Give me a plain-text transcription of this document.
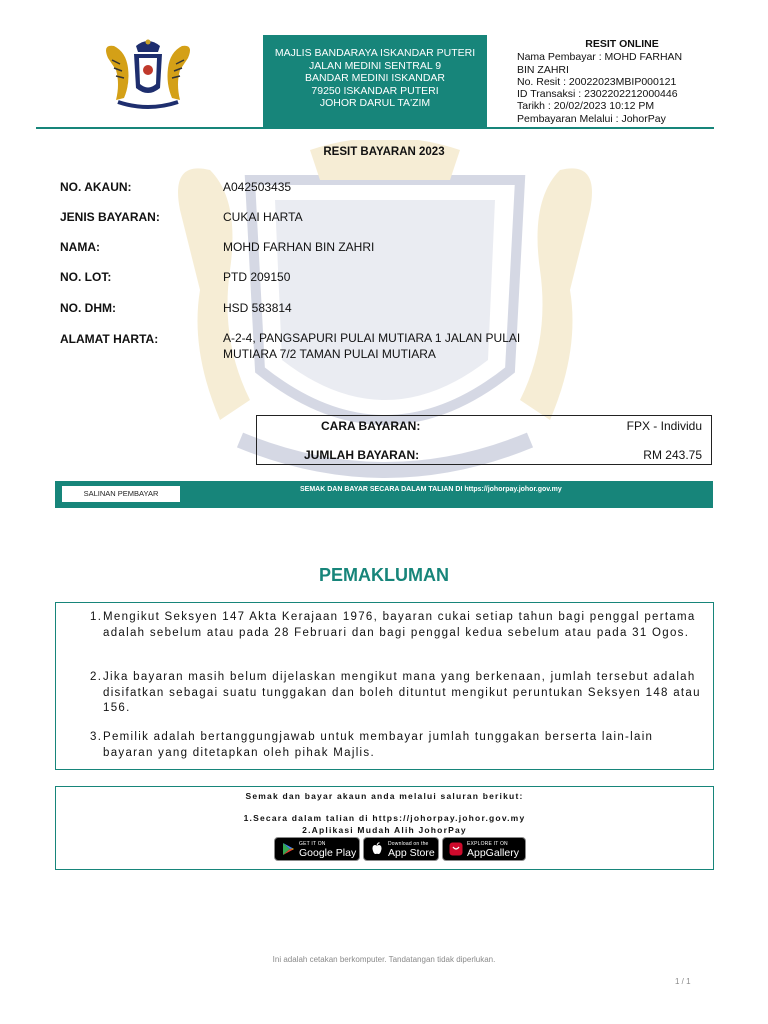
MAJLIS BANDARAYA ISKANDAR PUTERI
JALAN MEDINI SENTRAL 9
BANDAR MEDINI ISKANDAR
79250 ISKANDAR PUTERI
JOHOR DARUL TA'ZIM
RESIT ONLINE
Nama Pembayar : MOHD FARHAN
BIN ZAHRI
No. Resit : 20022023MBIP000121
ID Transaksi : 2302202212000446
Tarikh : 20/02/2023 10:12 PM
Pembayaran Melalui : JohorPay
RESIT BAYARAN 2023
NO. AKAUN:	A042503435
JENIS BAYARAN:	CUKAI HARTA
NAMA:	MOHD FARHAN BIN ZAHRI
NO. LOT:	PTD 209150
NO. DHM:	HSD 583814
ALAMAT HARTA:	A-2-4, PANGSAPURI PULAI MUTIARA 1 JALAN PULAI MUTIARA 7/2 TAMAN PULAI MUTIARA
CARA BAYARAN:	FPX - Individu
JUMLAH BAYARAN:	RM 243.75
SALINAN PEMBAYAR	SEMAK DAN BAYAR SECARA DALAM TALIAN DI https://johorpay.johor.gov.my
PEMAKLUMAN
1. Mengikut Seksyen 147 Akta Kerajaan 1976, bayaran cukai setiap tahun bagi penggal pertama adalah sebelum atau pada 28 Februari dan bagi penggal kedua sebelum atau pada 31 Ogos.
2. Jika bayaran masih belum dijelaskan mengikut mana yang berkenaan, jumlah tersebut adalah disifatkan sebagai suatu tunggakan dan boleh dituntut mengikut peruntukan Seksyen 148 atau 156.
3. Pemilik adalah bertanggungjawab untuk membayar jumlah tunggakan berserta lain-lain bayaran yang ditetapkan oleh pihak Majlis.
Semak dan bayar akaun anda melalui saluran berikut:
1.Secara dalam talian di https://johorpay.johor.gov.my
2.Aplikasi Mudah Alih JohorPay
GET IT ON
Google Play
Download on the
App Store
EXPLORE IT ON
AppGallery
Ini adalah cetakan berkomputer. Tandatangan tidak diperlukan.
1 / 1
